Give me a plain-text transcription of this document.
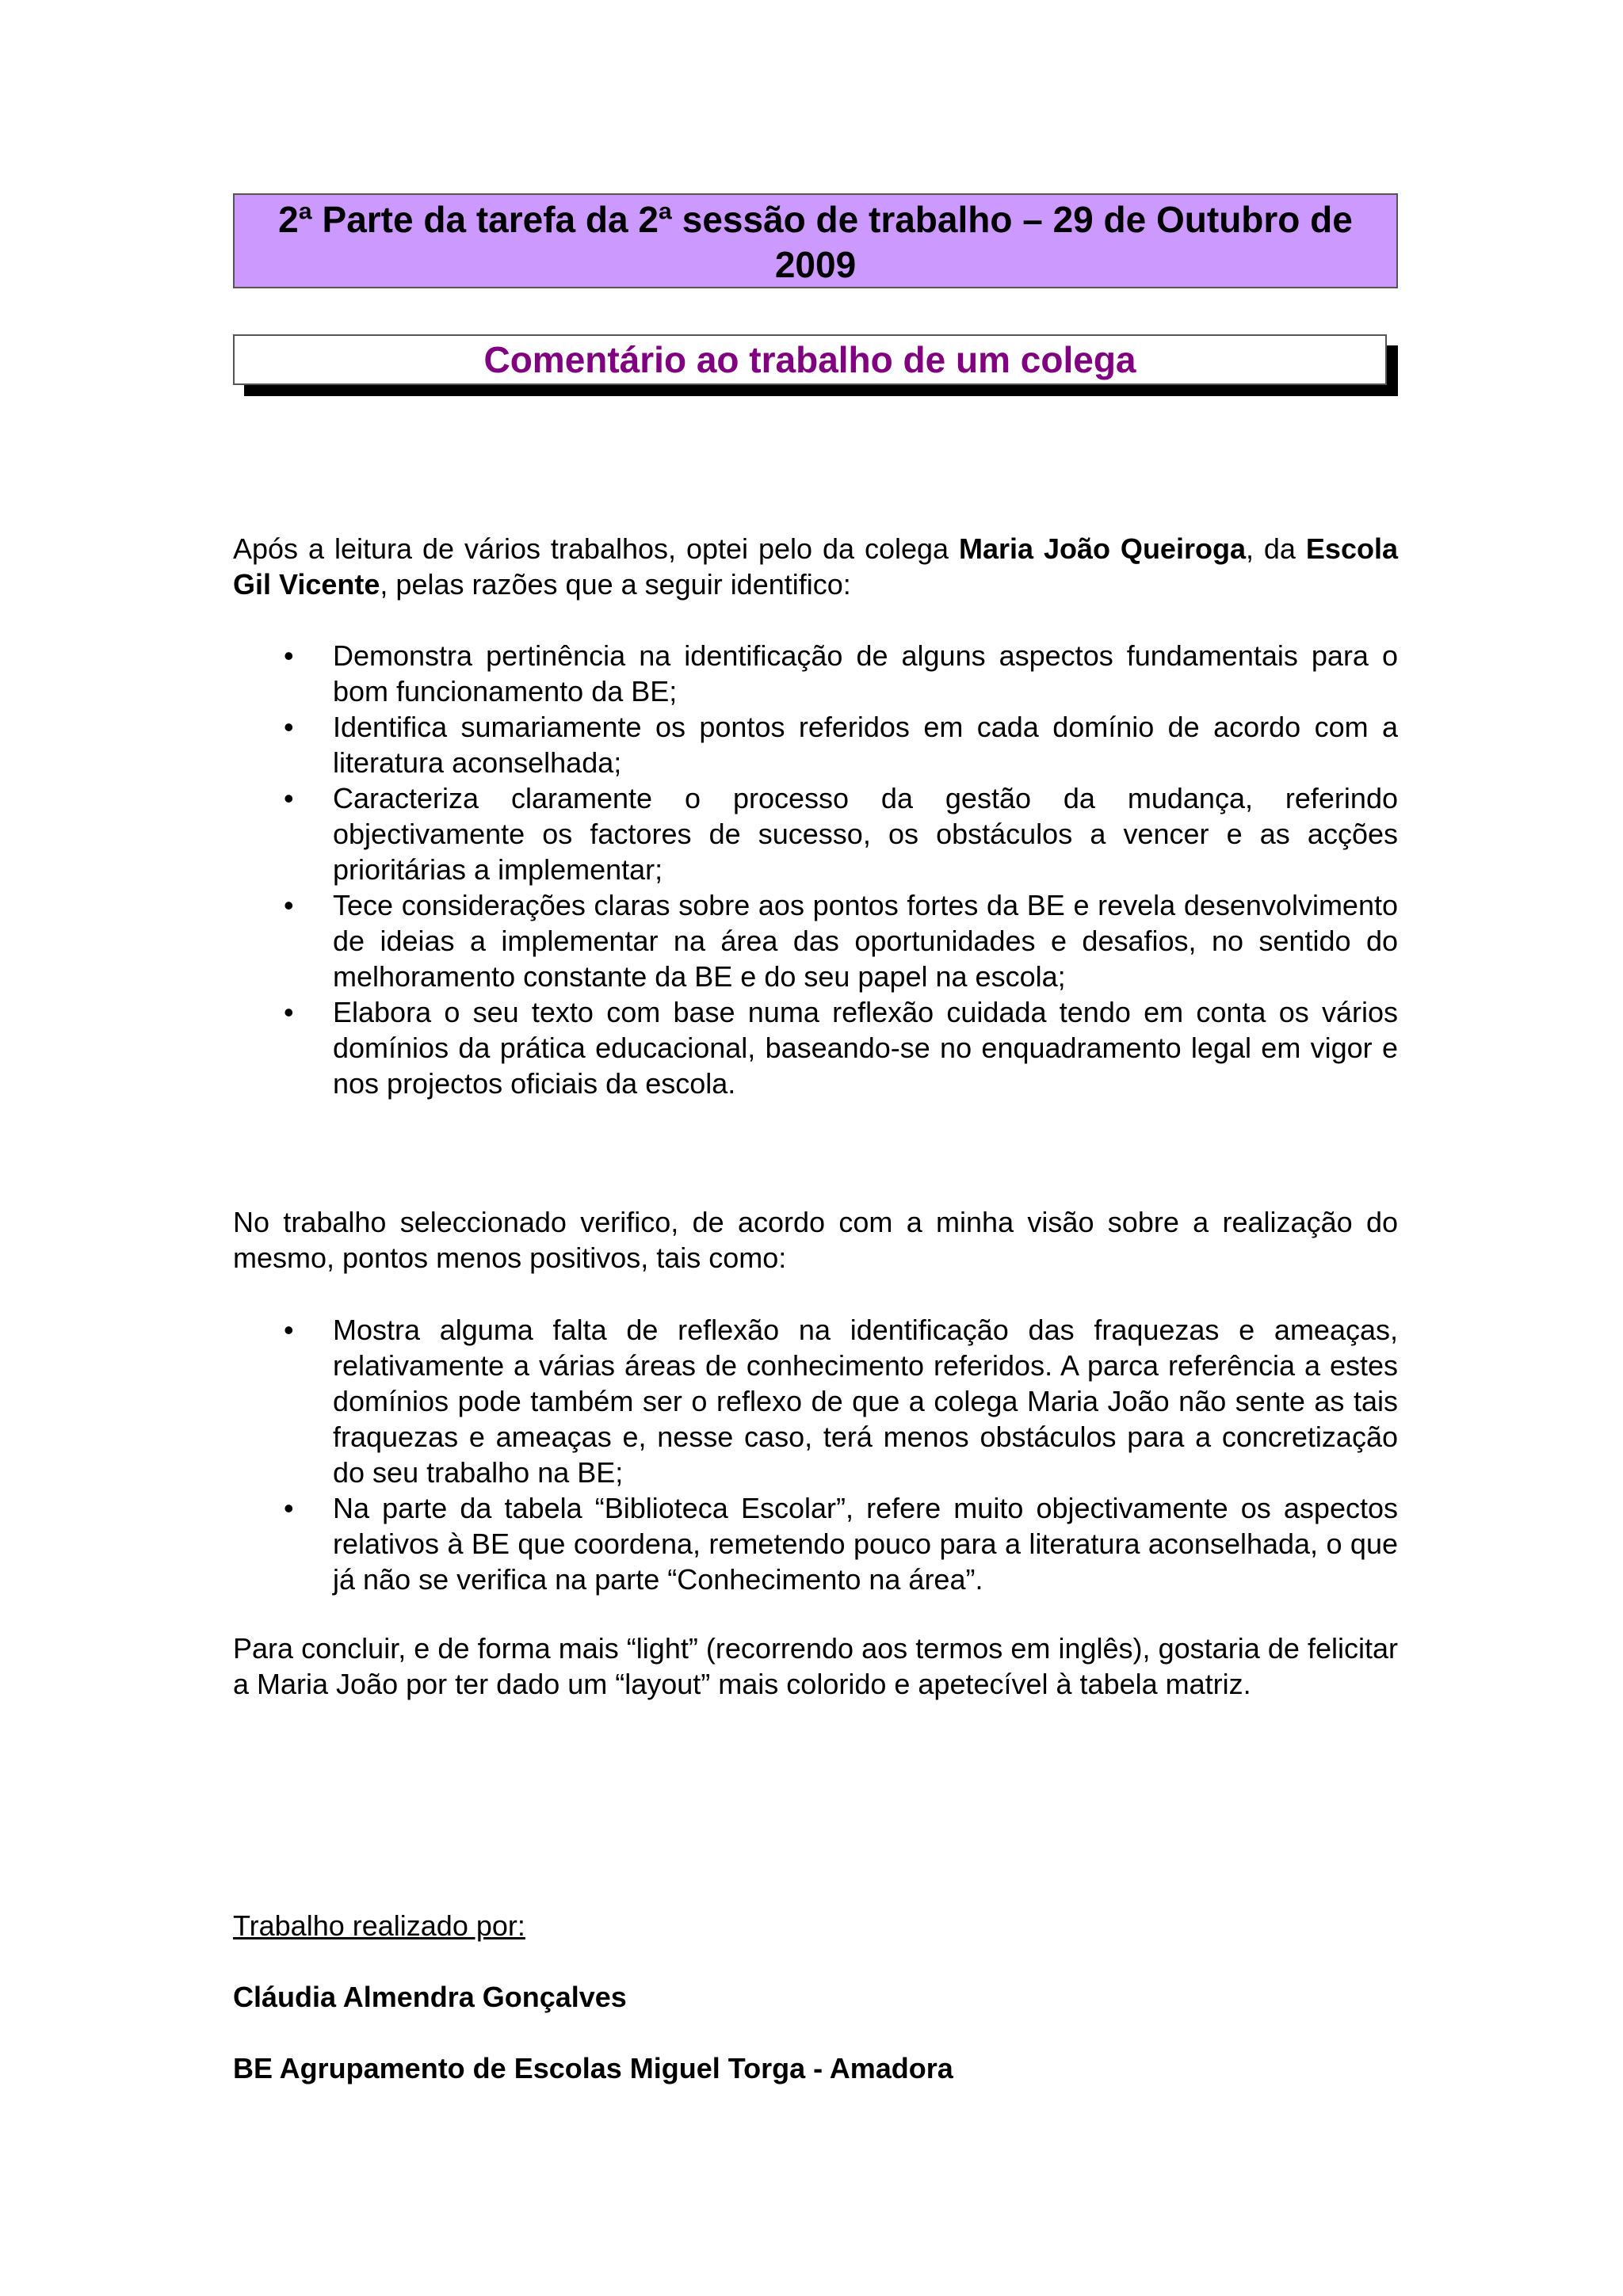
2ª Parte da tarefa da 2ª sessão de trabalho – 29 de Outubro de
2009
Comentário ao trabalho de um colega

Após a leitura de vários trabalhos, optei pelo da colega Maria João Queiroga, da Escola Gil Vicente, pelas razões que a seguir identifico:

• Demonstra pertinência na identificação de alguns aspectos fundamentais para o bom funcionamento da BE;
• Identifica sumariamente os pontos referidos em cada domínio de acordo com a literatura aconselhada;
• Caracteriza claramente o processo da gestão da mudança, referindo objectivamente os factores de sucesso, os obstáculos a vencer e as acções prioritárias a implementar;
• Tece considerações claras sobre aos pontos fortes da BE e revela desenvolvimento de ideias a implementar na área das oportunidades e desafios, no sentido do melhoramento constante da BE e do seu papel na escola;
• Elabora o seu texto com base numa reflexão cuidada tendo em conta os vários domínios da prática educacional, baseando-se no enquadramento legal em vigor e nos projectos oficiais da escola.

No trabalho seleccionado verifico, de acordo com a minha visão sobre a realização do mesmo, pontos menos positivos, tais como:

• Mostra alguma falta de reflexão na identificação das fraquezas e ameaças, relativamente a várias áreas de conhecimento referidos. A parca referência a estes domínios pode também ser o reflexo de que a colega Maria João não sente as tais fraquezas e ameaças e, nesse caso, terá menos obstáculos para a concretização do seu trabalho na BE;
• Na parte da tabela “Biblioteca Escolar”, refere muito objectivamente os aspectos relativos à BE que coordena, remetendo pouco para a literatura aconselhada, o que já não se verifica na parte “Conhecimento na área”.

Para concluir, e de forma mais “light” (recorrendo aos termos em inglês), gostaria de felicitar a Maria João por ter dado um “layout” mais colorido e apetecível à tabela matriz.

Trabalho realizado por:

Cláudia Almendra Gonçalves

BE Agrupamento de Escolas Miguel Torga - Amadora
